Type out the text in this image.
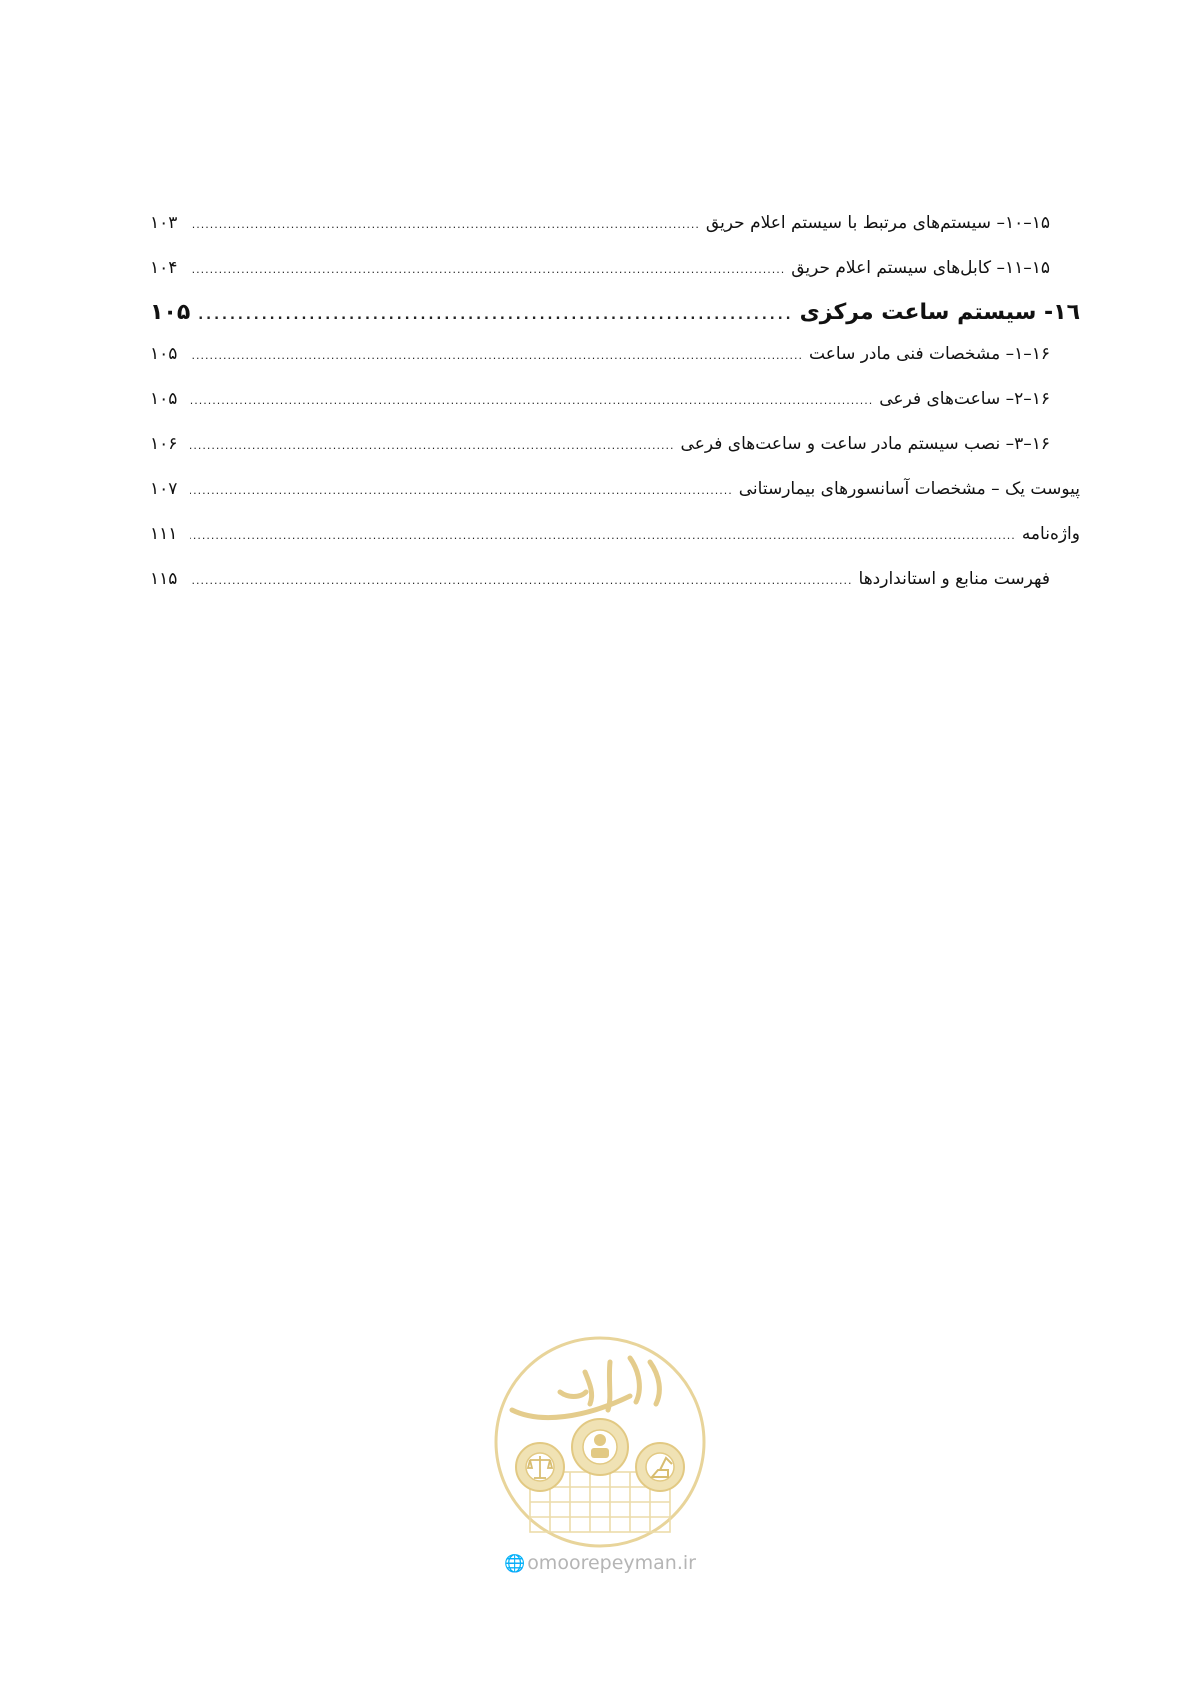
۱۵–۱۰– سیستم‌های مرتبط با سیستم اعلام حریق
.....
۱۰۳
۱۵–۱۱– کابل‌های سیستم اعلام حریق
.....
۱۰۴
١٦- سیستم ساعت مرکزی
.....
۱۰۵
۱۶–۱– مشخصات فنی مادر ساعت
.....
۱۰۵
۱۶–۲– ساعت‌های فرعی
.....
۱۰۵
۱۶–۳– نصب سیستم مادر ساعت و ساعت‌های فرعی
.....
۱۰۶
پیوست یک – مشخصات آسانسورهای بیمارستانی
.....
۱۰۷
واژه‌نامه
.....
۱۱۱
فهرست منابع و استانداردها
.....
۱۱۵
🌐 omoorepeyman.ir
